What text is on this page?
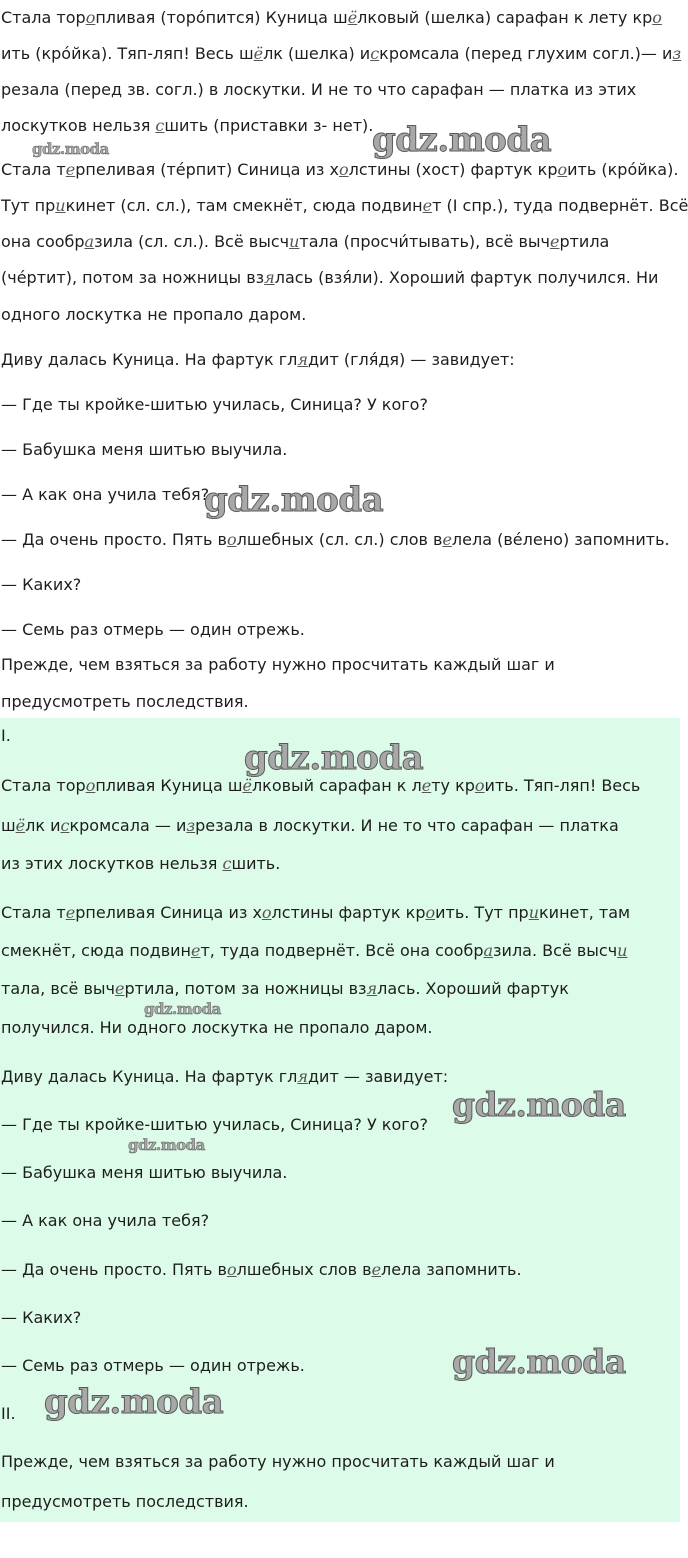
Стала торопливая (торóпится) Куница шёлковый (шелка) сарафан к лету кро
ить (крóйка). Тяп-ляп! Весь шёлк (шелка) искромсала (перед глухим согл.)— из
резала (перед зв. согл.) в лоскутки. И не то что сарафан — платка из этих
лоскутков нельзя сшить (приставки з- нет).
Стала терпеливая (тéрпит) Синица из холстины (хост) фартук кроить (крóйка).
Тут прикинет (сл. сл.), там смекнёт, сюда подвинет (I спр.), туда подвернёт. Всё
она сообразила (сл. сл.). Всё высчитала (просчи́тывать), всё вычертила
(чéртит), потом за ножницы взялась (взя́ли). Хороший фартук получился. Ни
одного лоскутка не пропало даром.
Диву далась Куница. На фартук глядит (гля́дя) — завидует:
— Где ты кройке-шитью училась, Синица? У кого?
— Бабушка меня шитью выучила.
— А как она учила тебя?
— Да очень просто. Пять волшебных (сл. сл.) слов велела (вéлено) запомнить.
— Каких?
— Семь раз отмерь — один отрежь.
Прежде, чем взяться за работу нужно просчитать каждый шаг и
предусмотреть последствия.
I.
Стала торопливая Куница шёлковый сарафан к лету кроить. Тяп-ляп! Весь
шёлк искромсала — изрезала в лоскутки. И не то что сарафан — платка
из этих лоскутков нельзя сшить.
Стала терпеливая Синица из холстины фартук кроить. Тут прикинет, там
смекнёт, сюда подвинет, туда подвернёт. Всё она сообразила. Всё высчи
тала, всё вычертила, потом за ножницы взялась. Хороший фартук
получился. Ни одного лоскутка не пропало даром.
Диву далась Куница. На фартук глядит — завидует:
— Где ты кройке-шитью училась, Синица? У кого?
— Бабушка меня шитью выучила.
— А как она учила тебя?
— Да очень просто. Пять волшебных слов велела запомнить.
— Каких?
— Семь раз отмерь — один отрежь.
II.
Прежде, чем взяться за работу нужно просчитать каждый шаг и
предусмотреть последствия.
gdz.moda
gdz.moda
gdz.moda
gdz.moda
gdz.moda
gdz.moda
gdz.moda
gdz.moda
gdz.moda
